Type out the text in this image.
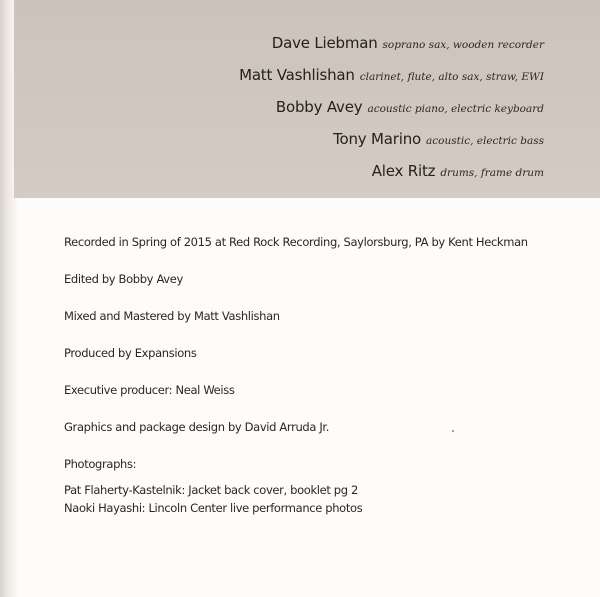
Dave Liebman soprano sax, wooden recorder
Matt Vashlishan clarinet, flute, alto sax, straw, EWI
Bobby Avey acoustic piano, electric keyboard
Tony Marino acoustic, electric bass
Alex Ritz drums, frame drum
Recorded in Spring of 2015 at Red Rock Recording, Saylorsburg, PA by Kent Heckman
Edited by Bobby Avey
Mixed and Mastered by Matt Vashlishan
Produced by Expansions
Executive producer: Neal Weiss
Graphics and package design by David Arruda Jr.
Photographs:
Pat Flaherty-Kastelnik: Jacket back cover, booklet pg 2
Naoki Hayashi: Lincoln Center live performance photos
